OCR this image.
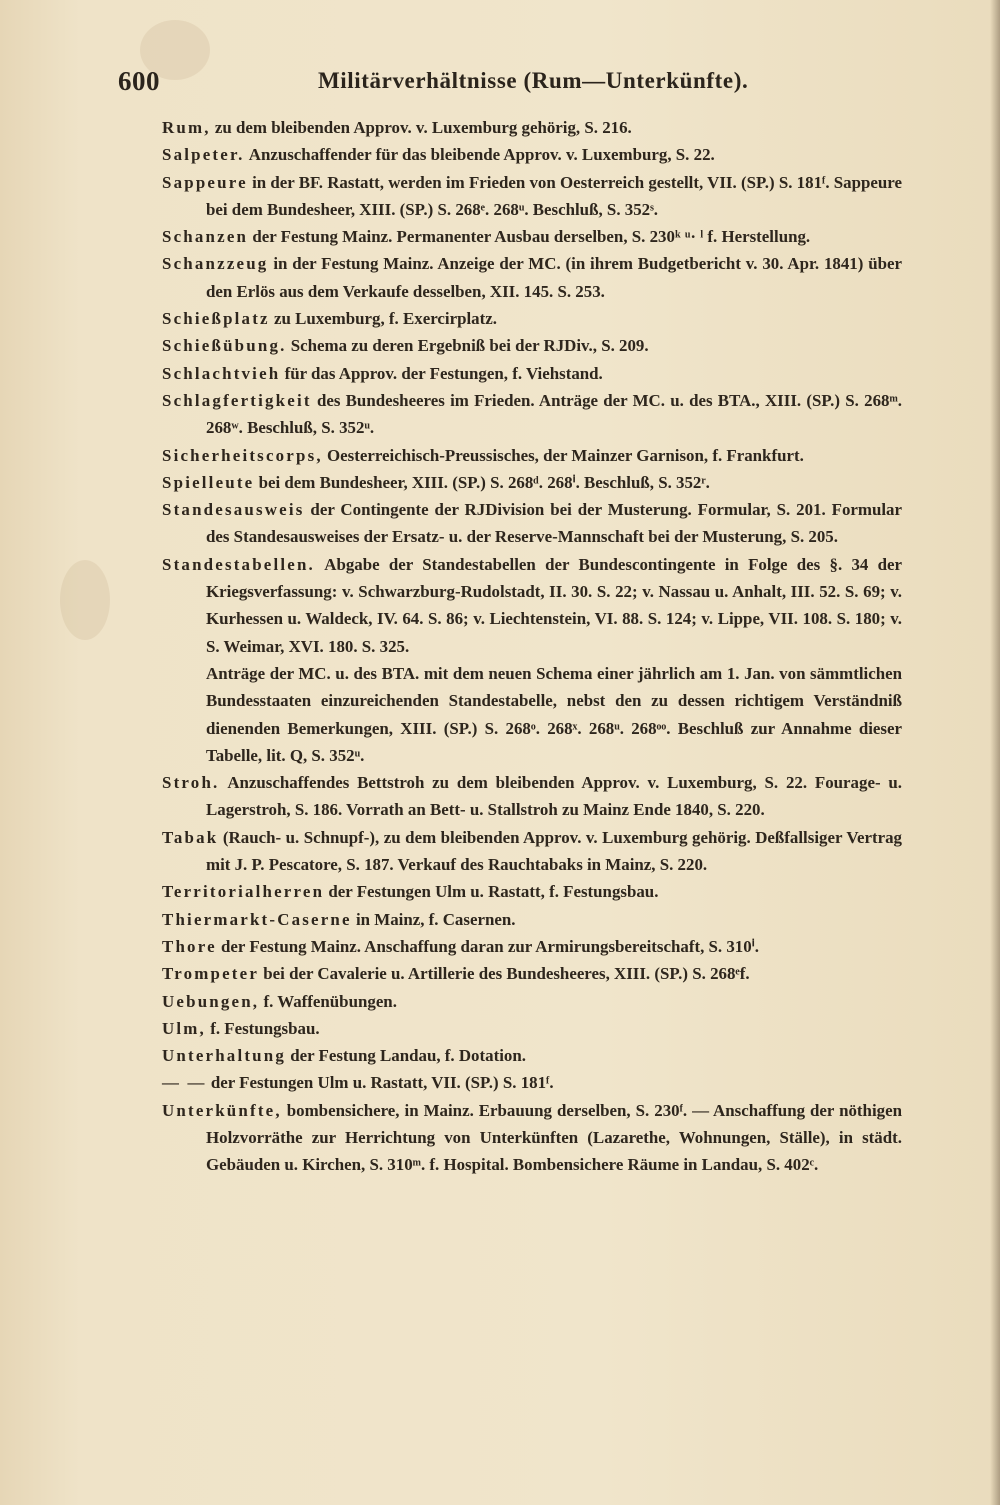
600	Militärverhältnisse (Rum—Unterkünfte).
Rum, zu dem bleibenden Approv. v. Luxemburg gehörig, S. 216.
Salpeter. Anzuschaffender für das bleibende Approv. v. Luxemburg, S. 22.
Sappeure in der BF. Rastatt, werden im Frieden von Oesterreich gestellt, VII. (SP.) S. 181ᶠ. Sappeure bei dem Bundesheer, XIII. (SP.) S. 268ᵉ. 268ᵘ. Beschluß, S. 352ˢ.
Schanzen der Festung Mainz. Permanenter Ausbau derselben, S. 230ᵏ ᵘ· ˡ f. Herstellung.
Schanzzeug in der Festung Mainz. Anzeige der MC. (in ihrem Budgetbericht v. 30. Apr. 1841) über den Erlös aus dem Verkaufe desselben, XII. 145. S. 253.
Schießplatz zu Luxemburg, f. Exercirplatz.
Schießübung. Schema zu deren Ergebniß bei der RJDiv., S. 209.
Schlachtvieh für das Approv. der Festungen, f. Viehstand.
Schlagfertigkeit des Bundesheeres im Frieden. Anträge der MC. u. des BTA., XIII. (SP.) S. 268ᵐ. 268ʷ. Beschluß, S. 352ᵘ.
Sicherheitscorps, Oesterreichisch-Preussisches, der Mainzer Garnison, f. Frankfurt.
Spielleute bei dem Bundesheer, XIII. (SP.) S. 268ᵈ. 268ⁱ. Beschluß, S. 352ʳ.
Standesausweis der Contingente der RJDivision bei der Musterung. Formular, S. 201. Formular des Standesausweises der Ersatz- u. der Reserve-Mannschaft bei der Musterung, S. 205.
Standestabellen. Abgabe der Standestabellen der Bundescontingente in Folge des §. 34 der Kriegsverfassung: v. Schwarzburg-Rudolstadt, II. 30. S. 22; v. Nassau u. Anhalt, III. 52. S. 69; v. Kurhessen u. Waldeck, IV. 64. S. 86; v. Liechtenstein, VI. 88. S. 124; v. Lippe, VII. 108. S. 180; v. S. Weimar, XVI. 180. S. 325.
Anträge der MC. u. des BTA. mit dem neuen Schema einer jährlich am 1. Jan. von sämmtlichen Bundesstaaten einzureichenden Standestabelle, nebst den zu dessen richtigem Verständniß dienenden Bemerkungen, XIII. (SP.) S. 268ᵒ. 268ˣ. 268ᵘ. 268ᵒᵒ. Beschluß zur Annahme dieser Tabelle, lit. Q, S. 352ᵘ.
Stroh. Anzuschaffendes Bettstroh zu dem bleibenden Approv. v. Luxemburg, S. 22. Fourage- u. Lagerstroh, S. 186. Vorrath an Bett- u. Stallstroh zu Mainz Ende 1840, S. 220.
Tabak (Rauch- u. Schnupf-), zu dem bleibenden Approv. v. Luxemburg gehörig. Deßfallsiger Vertrag mit J. P. Pescatore, S. 187. Verkauf des Rauchtabaks in Mainz, S. 220.
Territorialherren der Festungen Ulm u. Rastatt, f. Festungsbau.
Thiermarkt-Caserne in Mainz, f. Casernen.
Thore der Festung Mainz. Anschaffung daran zur Armirungsbereitschaft, S. 310ⁱ.
Trompeter bei der Cavalerie u. Artillerie des Bundesheeres, XIII. (SP.) S. 268ᵉf.
Uebungen, f. Waffenübungen.
Ulm, f. Festungsbau.
Unterhaltung der Festung Landau, f. Dotation.
— — der Festungen Ulm u. Rastatt, VII. (SP.) S. 181ᶠ.
Unterkünfte, bombensichere, in Mainz. Erbauung derselben, S. 230ᶠ. — Anschaffung der nöthigen Holzvorräthe zur Herrichtung von Unterkünften (Lazarethe, Wohnungen, Ställe), in städt. Gebäuden u. Kirchen, S. 310ᵐ. f. Hospital. Bombensichere Räume in Landau, S. 402ᶜ.
